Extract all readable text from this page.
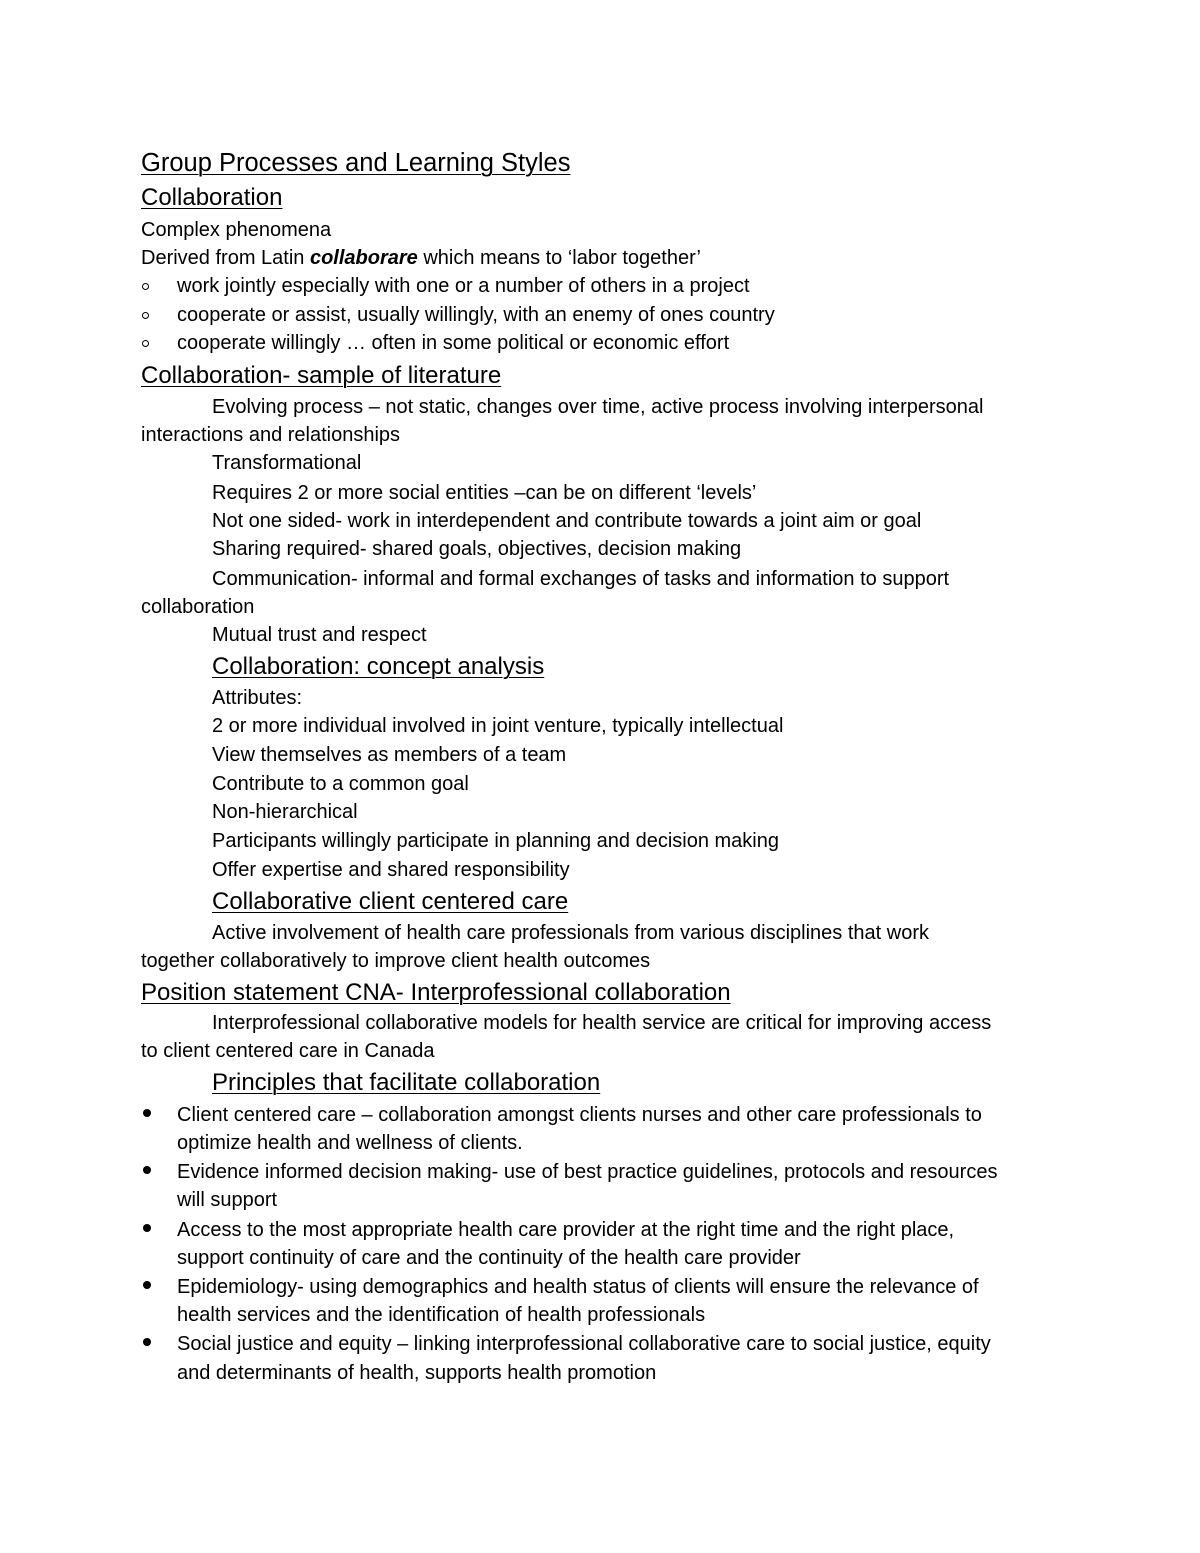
Group Processes and Learning Styles
Collaboration
Complex phenomena
Derived from Latin collaborare which means to ‘labor together’
work jointly especially with one or a number of others in a project
cooperate or assist, usually willingly, with an enemy of ones country
cooperate willingly … often in some political or economic effort
Collaboration- sample of literature
Evolving process – not static, changes over time, active process involving interpersonal
interactions and relationships
Transformational
Requires 2 or more social entities –can be on different ‘levels’
Not one sided- work in interdependent and contribute towards a joint aim or goal
Sharing required- shared goals, objectives, decision making
Communication- informal and formal exchanges of tasks and information to support
collaboration
Mutual trust and respect
Collaboration: concept analysis
Attributes:
2 or more individual involved in joint venture, typically intellectual
View themselves as members of a team
Contribute to a common goal
Non-hierarchical
Participants willingly participate in planning and decision making
Offer expertise and shared responsibility
Collaborative client centered care
Active involvement of health care professionals from various disciplines that work
together collaboratively to improve client health outcomes
Position statement CNA- Interprofessional collaboration
Interprofessional collaborative models for health service are critical for improving access
to client centered care in Canada
Principles that facilitate collaboration
Client centered care – collaboration amongst clients nurses and other care professionals to
optimize health and wellness of clients.
Evidence informed decision making- use of best practice guidelines, protocols and resources
will support
Access to the most appropriate health care provider at the right time and the right place,
support continuity of care and the continuity of the health care provider
Epidemiology- using demographics and health status of clients will ensure the relevance of
health services and the identification of health professionals
Social justice and equity – linking interprofessional collaborative care to social justice, equity
and determinants of health, supports health promotion
